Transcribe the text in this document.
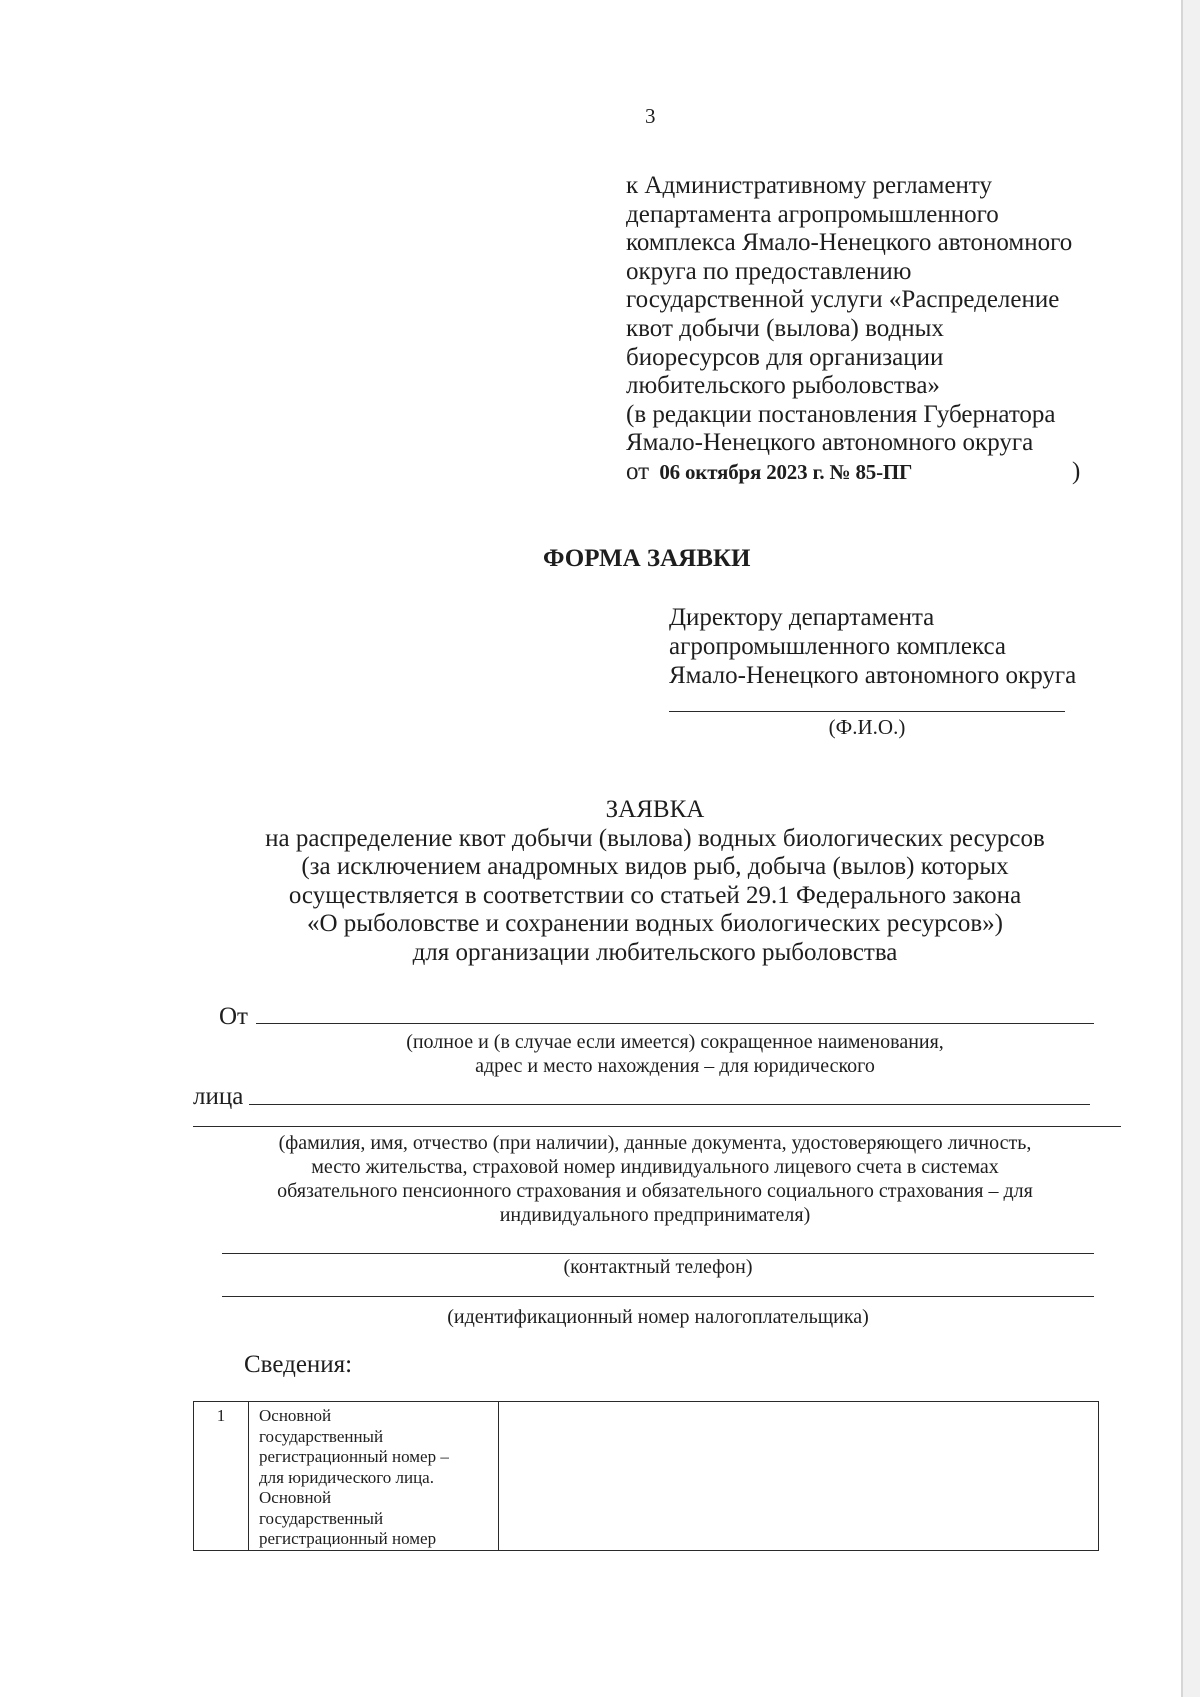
3
к Административному регламенту
департамента агропромышленного
комплекса Ямало-Ненецкого автономного
округа по предоставлению
государственной услуги «Распределение
квот добычи (вылова) водных
биоресурсов для организации
любительского рыболовства»
(в редакции постановления Губернатора
Ямало-Ненецкого автономного округа
от 06 октября 2023 г. № 85-ПГ	)
ФОРМА ЗАЯВКИ
Директору департамента
агропромышленного комплекса
Ямало-Ненецкого автономного округа
(Ф.И.О.)
ЗАЯВКА
на распределение квот добычи (вылова) водных биологических ресурсов
(за исключением анадромных видов рыб, добыча (вылов) которых
осуществляется в соответствии со статьей 29.1 Федерального закона
«О рыболовстве и сохранении водных биологических ресурсов»)
для организации любительского рыболовства
От
(полное и (в случае если имеется) сокращенное наименования,
адрес и место нахождения – для юридического
лица
(фамилия, имя, отчество (при наличии), данные документа, удостоверяющего личность,
место жительства, страховой номер индивидуального лицевого счета в системах
обязательного пенсионного страхования и обязательного социального страхования – для
индивидуального предпринимателя)
(контактный телефон)
(идентификационный номер налогоплательщика)
Сведения:
1	Основной
государственный
регистрационный номер –
для юридического лица.
Основной
государственный
регистрационный номер
